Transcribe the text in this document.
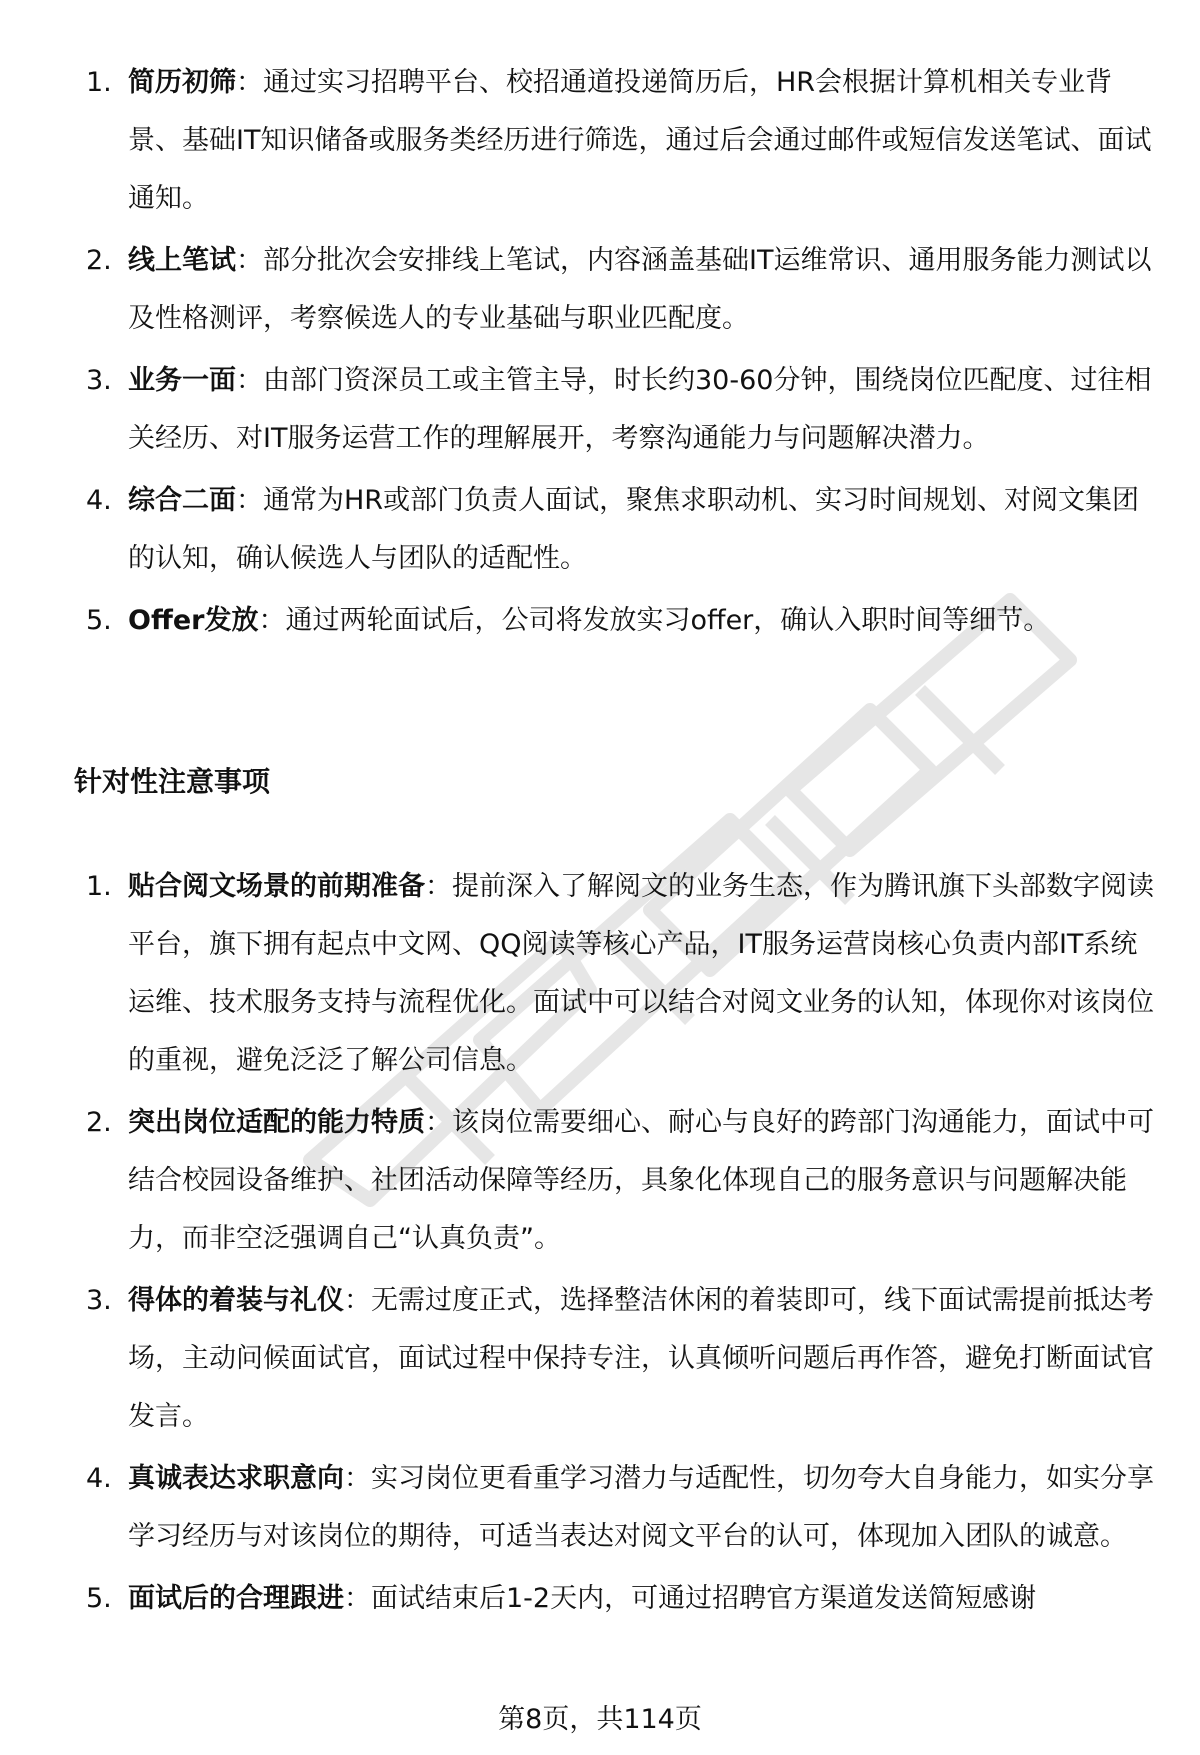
1. 简历初筛：通过实习招聘平台、校招通道投递简历后，HR会根据计算机相关专业背景、基础IT知识储备或服务类经历进行筛选，通过后会通过邮件或短信发送笔试、面试通知。
2. 线上笔试：部分批次会安排线上笔试，内容涵盖基础IT运维常识、通用服务能力测试以及性格测评，考察候选人的专业基础与职业匹配度。
3. 业务一面：由部门资深员工或主管主导，时长约30-60分钟，围绕岗位匹配度、过往相关经历、对IT服务运营工作的理解展开，考察沟通能力与问题解决潜力。
4. 综合二面：通常为HR或部门负责人面试，聚焦求职动机、实习时间规划、对阅文集团的认知，确认候选人与团队的适配性。
5. Offer发放：通过两轮面试后，公司将发放实习offer，确认入职时间等细节。
针对性注意事项
1. 贴合阅文场景的前期准备：提前深入了解阅文的业务生态，作为腾讯旗下头部数字阅读平台，旗下拥有起点中文网、QQ阅读等核心产品，IT服务运营岗核心负责内部IT系统运维、技术服务支持与流程优化。面试中可以结合对阅文业务的认知，体现你对该岗位的重视，避免泛泛了解公司信息。
2. 突出岗位适配的能力特质：该岗位需要细心、耐心与良好的跨部门沟通能力，面试中可结合校园设备维护、社团活动保障等经历，具象化体现自己的服务意识与问题解决能力，而非空泛强调自己“认真负责”。
3. 得体的着装与礼仪：无需过度正式，选择整洁休闲的着装即可，线下面试需提前抵达考场，主动问候面试官，面试过程中保持专注，认真倾听问题后再作答，避免打断面试官发言。
4. 真诚表达求职意向：实习岗位更看重学习潜力与适配性，切勿夸大自身能力，如实分享学习经历与对该岗位的期待，可适当表达对阅文平台的认可，体现加入团队的诚意。
5. 面试后的合理跟进：面试结束后1-2天内，可通过招聘官方渠道发送简短感谢
第8页，共114页
